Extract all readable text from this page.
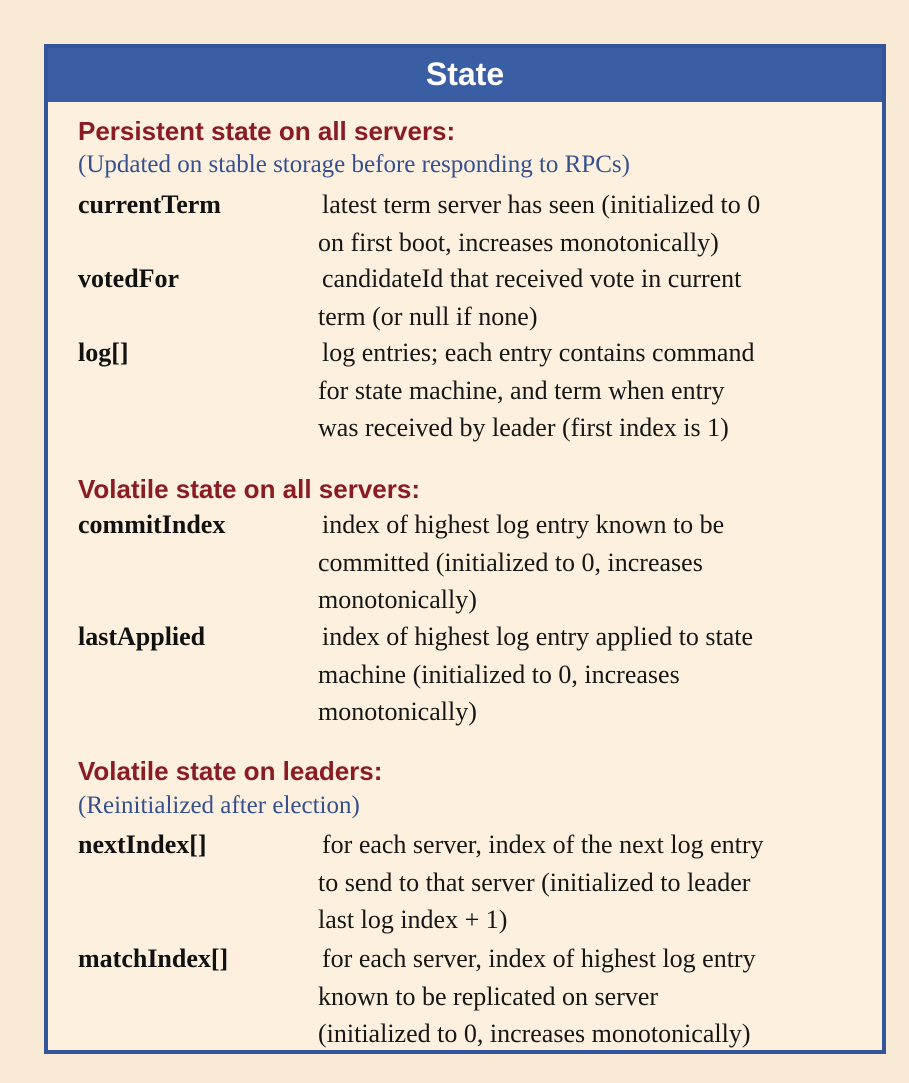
State
Persistent state on all servers:
(Updated on stable storage before responding to RPCs)
currentTerm	latest term server has seen (initialized to 0
on first boot, increases monotonically)
votedFor	candidateId that received vote in current
term (or null if none)
log[]	log entries; each entry contains command
for state machine, and term when entry
was received by leader (first index is 1)
Volatile state on all servers:
commitIndex	index of highest log entry known to be
committed (initialized to 0, increases
monotonically)
lastApplied	index of highest log entry applied to state
machine (initialized to 0, increases
monotonically)
Volatile state on leaders:
(Reinitialized after election)
nextIndex[]	for each server, index of the next log entry
to send to that server (initialized to leader
last log index + 1)
matchIndex[]	for each server, index of highest log entry
known to be replicated on server
(initialized to 0, increases monotonically)
